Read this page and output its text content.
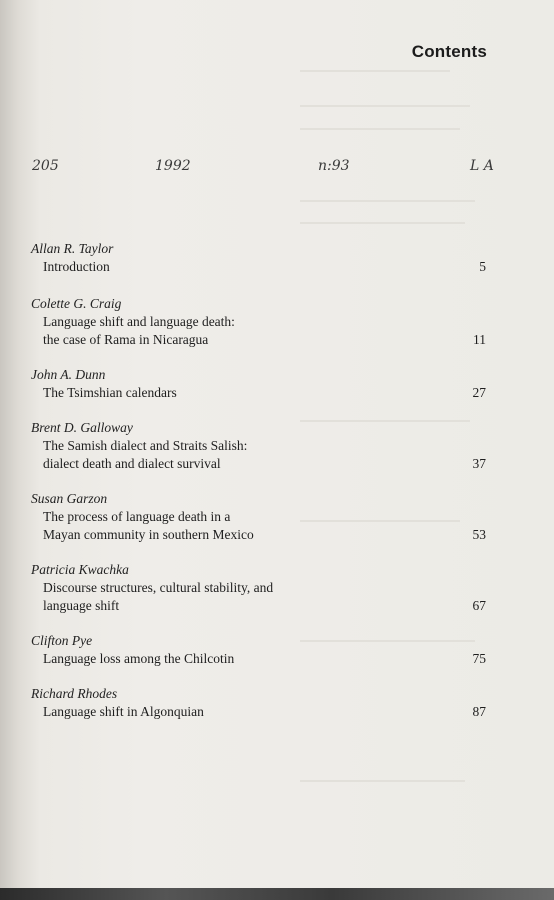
Contents
205	1992	n:93	L A
Allan R. Taylor
Introduction	5
Colette G. Craig
Language shift and language death:
the case of Rama in Nicaragua	11
John A. Dunn
The Tsimshian calendars	27
Brent D. Galloway
The Samish dialect and Straits Salish:
dialect death and dialect survival	37
Susan Garzon
The process of language death in a
Mayan community in southern Mexico	53
Patricia Kwachka
Discourse structures, cultural stability, and
language shift	67
Clifton Pye
Language loss among the Chilcotin	75
Richard Rhodes
Language shift in Algonquian	87
